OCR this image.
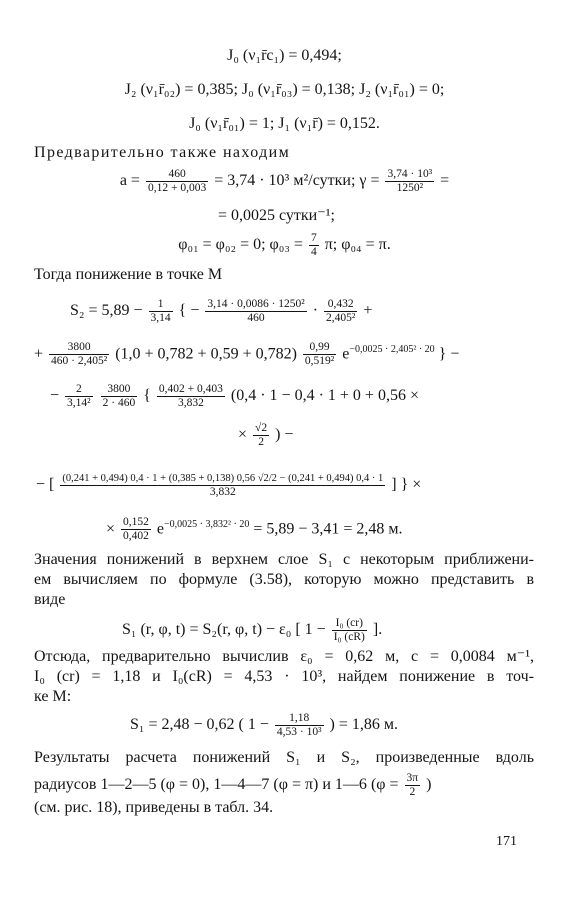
J₀ (ν₁r̄c₁) = 0,494;
J₂ (ν₁r̄₀₂) = 0,385; J₀ (ν₁r̄₀₃) = 0,138; J₂ (ν₁r̄₀₁) = 0;
J₀ (ν₁r̄₀₁) = 1; J₁ (ν₁r̄) = 0,152.
Предварительно также находим
$a = \frac{460}{0,12 + 0,003} = 3,74 \cdot 10^3$ м²/сутки; $\gamma = \frac{\text{3,74 · 10³}}{\text{1250²}}$ =
= 0,0025 сутки⁻¹;
φ₀₁ = φ₀₂ = 0; $\varphi_{03} = \frac{7}{4} \pi$; φ₀₄ = π.
Тогда понижение в точке M
$S_2 = 5,89 - \frac{1}{3,14}$ { − $\frac{\text{3,14 · 0,0086 · 1250²}}{460} \cdot \frac{0,432}{\text{2,405²}}$ +
+ $\frac{3800}{\text{460 · 2,405²}} (1,0 + 0,782 + 0,59 + 0,782) \frac{0,99}{\text{0,519²}} e^{-0,0025 \cdot 2,405^2 \cdot 20}$ } −
− $\frac{2}{\text{3,14²}}$
$\frac{3800}{2 \cdot 460}$ { $\frac{0,402 + 0,403}{3,832} (0,4 \cdot 1 - 0,4 \cdot 1 + 0 + 0,56$ ×
× $\frac{√2}{2}$ ) −
− [ (0,241 + 0,494) 0,4 · 1 + (0,385 + 0,138) 0,56 √2/2 − (0,241 + 0,494) 0,4 · 1
3,832	] } ×
× $\frac{0,152}{0,402} e^{-0,0025 \cdot 3,832^2 \cdot 20} = 5,89 - 3,41 = 2,48$ м.
Значения понижений в верхнем слое S₁ с некоторым приближени-
ем вычисляем по формуле (3.58), которую можно представить в
виде
S₁ (r, φ, t) = S₂(r, φ, t) − ε₀ [ $1 - \frac{\text{I₀ (cr)}}{\text{I₀ (cR)}}$ ].
Отсюда, предварительно вычислив ε₀ = 0,62 м, c = 0,0084 м⁻¹,
I₀ (cr) = 1,18 и I₀(cR) = 4,53 · 10³, найдем понижение в точ-
ке M:
S₁ = 2,48 − 0,62 ( $1 - \frac{1,18}{\text{4,53 · 10³}}$ ) = 1,86 м.
Результаты расчета понижений S₁ и S₂, произведенные вдоль
радиусов 1—2—5 (φ = 0), 1—4—7 (φ = π) и 1—6 ($\varphi = \frac{3\pi}{2}$ )
(см. рис. 18), приведены в табл. 34.
171
